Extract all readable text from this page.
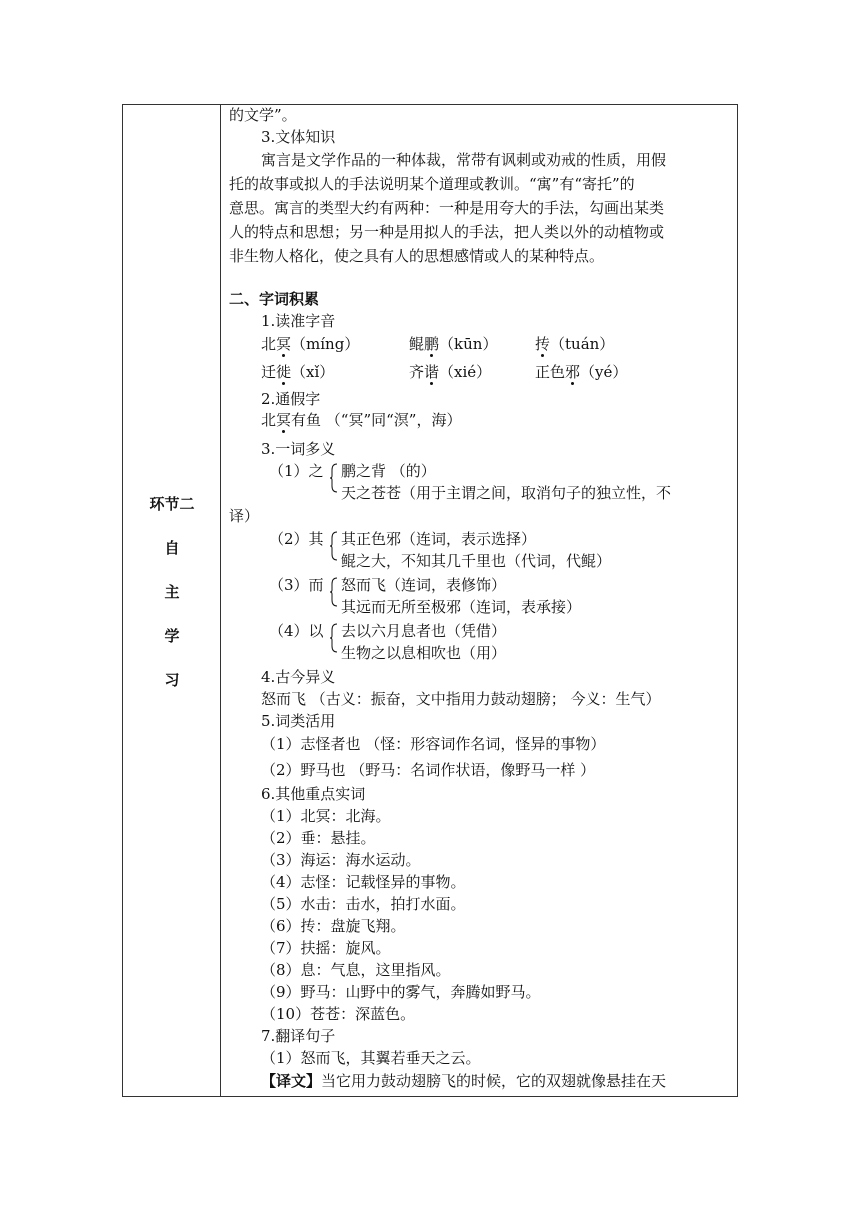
环节二
自
主
学
习
的文学”。
3.文体知识
寓言是文学作品的一种体裁，常带有讽刺或劝戒的性质，用假
托的故事或拟人的手法说明某个道理或教训。“寓”有“寄托”的
意思。寓言的类型大约有两种：一种是用夸大的手法，勾画出某类
人的特点和思想；另一种是用拟人的手法，把人类以外的动植物或
非生物人格化，使之具有人的思想感情或人的某种特点。
二、字词积累
1.读准字音
北冥（míng）	鲲鹏（kūn）	抟（tuán）
迁徙（xǐ）	齐谐（xié）	正色邪（yé）
2.通假字
北冥有鱼 （“冥”同“溟”，海）
3.一词多义
（1）之 鹏之背 （的）
天之苍苍（用于主谓之间，取消句子的独立性，不
译）
（2）其 其正色邪（连词，表示选择）
鲲之大，不知其几千里也（代词，代鲲）
（3）而 怒而飞（连词，表修饰）
其远而无所至极邪（连词，表承接）
（4）以 去以六月息者也（凭借）
生物之以息相吹也（用）
4.古今异义
怒而飞 （古义：振奋，文中指用力鼓动翅膀； 今义：生气）
5.词类活用
（1）志怪者也 （怪：形容词作名词，怪异的事物）
（2）野马也 （野马：名词作状语，像野马一样 ）
6.其他重点实词
（1）北冥：北海。
（2）垂：悬挂。
（3）海运：海水运动。
（4）志怪：记载怪异的事物。
（5）水击：击水，拍打水面。
（6）抟：盘旋飞翔。
（7）扶摇：旋风。
（8）息：气息，这里指风。
（9）野马：山野中的雾气，奔腾如野马。
（10）苍苍：深蓝色。
7.翻译句子
（1）怒而飞，其翼若垂天之云。
【译文】当它用力鼓动翅膀飞的时候，它的双翅就像悬挂在天
